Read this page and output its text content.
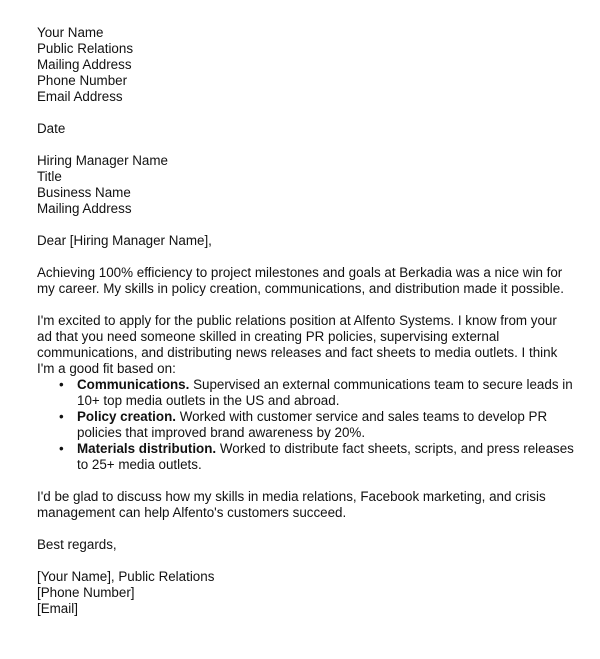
Your Name
Public Relations
Mailing Address
Phone Number
Email Address
Date
Hiring Manager Name
Title
Business Name
Mailing Address
Dear [Hiring Manager Name],
Achieving 100% efficiency to project milestones and goals at Berkadia was a nice win for
my career. My skills in policy creation, communications, and distribution made it possible.
I'm excited to apply for the public relations position at Alfento Systems. I know from your
ad that you need someone skilled in creating PR policies, supervising external
communications, and distributing news releases and fact sheets to media outlets. I think
I'm a good fit based on:
• Communications. Supervised an external communications team to secure leads in
10+ top media outlets in the US and abroad.
• Policy creation. Worked with customer service and sales teams to develop PR
policies that improved brand awareness by 20%.
• Materials distribution. Worked to distribute fact sheets, scripts, and press releases
to 25+ media outlets.
I'd be glad to discuss how my skills in media relations, Facebook marketing, and crisis
management can help Alfento's customers succeed.
Best regards,
[Your Name], Public Relations
[Phone Number]
[Email]
